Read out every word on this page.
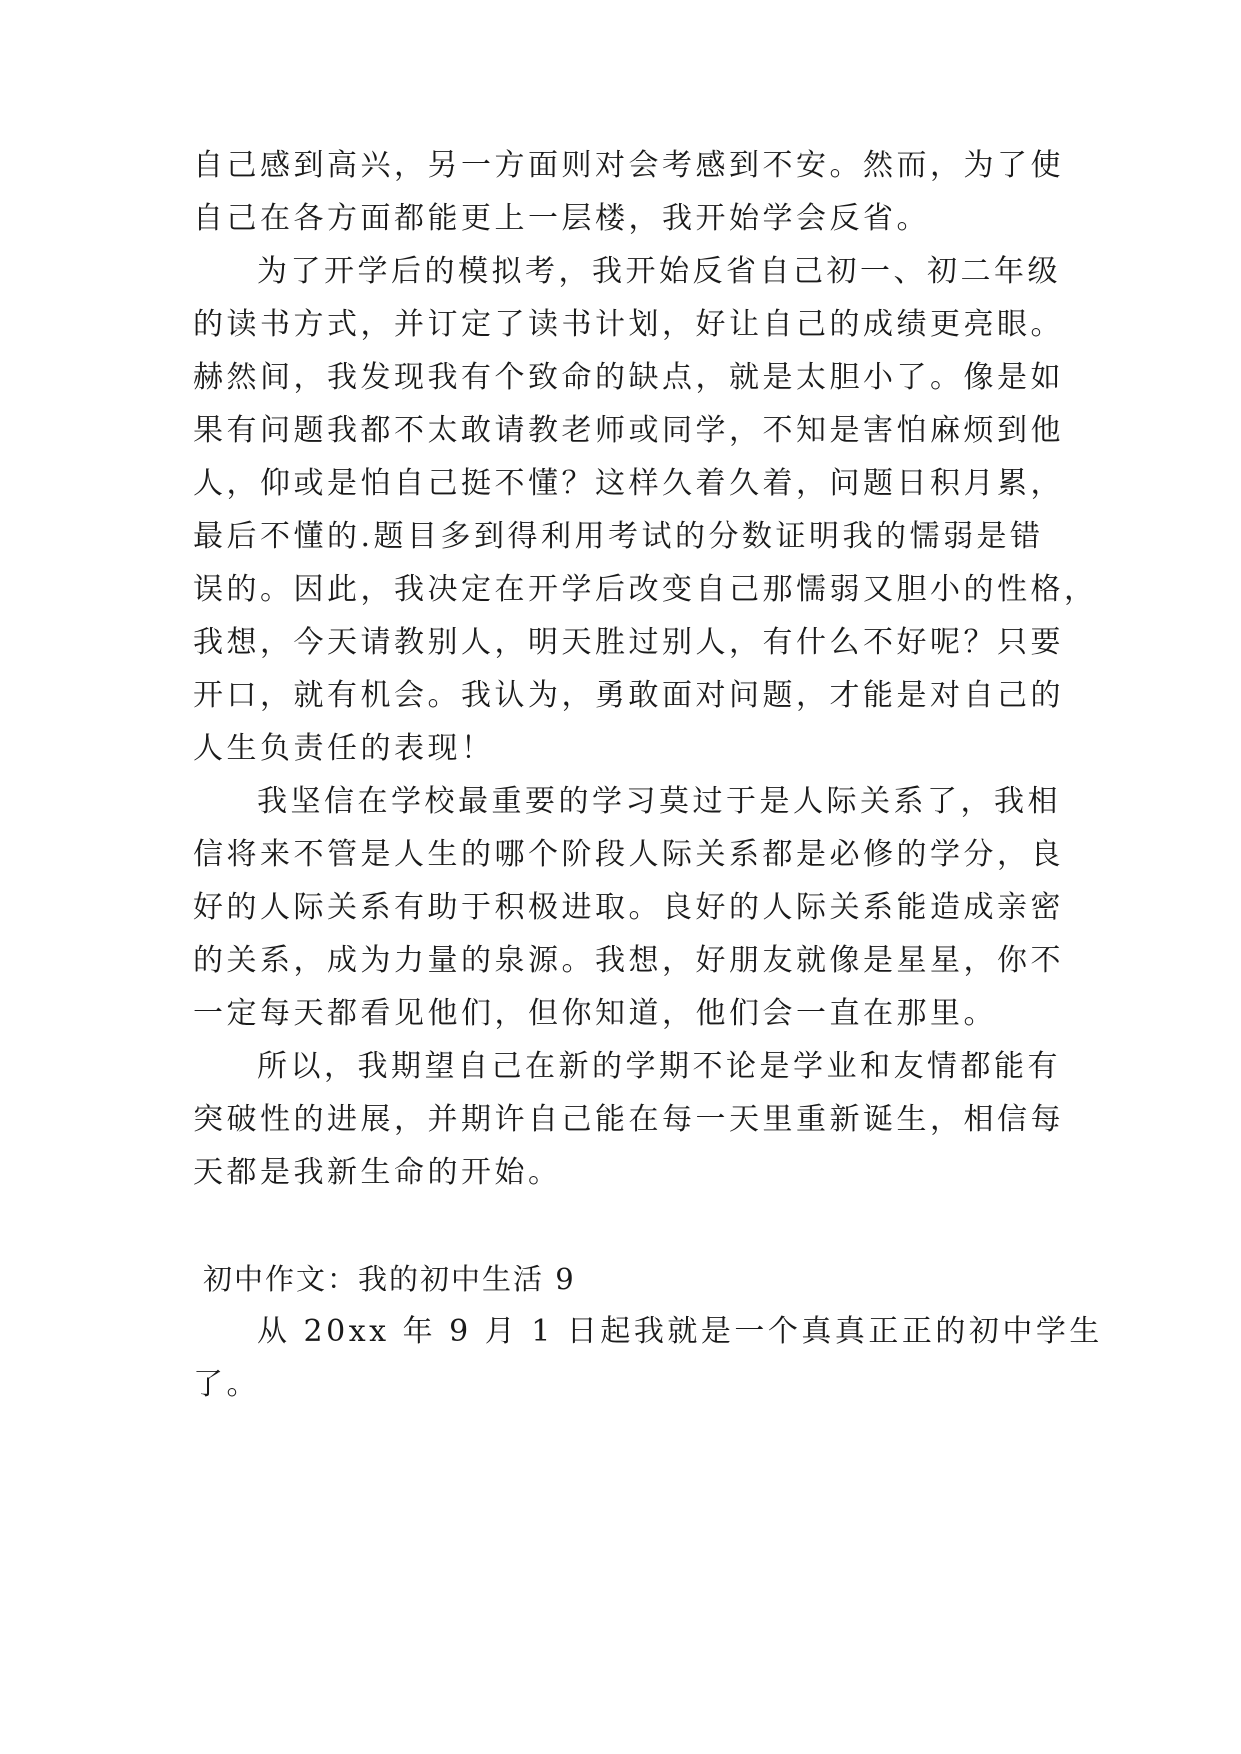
自己感到高兴，另一方面则对会考感到不安。然而，为了使
自己在各方面都能更上一层楼，我开始学会反省。
为了开学后的模拟考，我开始反省自己初一、初二年级
的读书方式，并订定了读书计划，好让自己的成绩更亮眼。
赫然间，我发现我有个致命的缺点，就是太胆小了。像是如
果有问题我都不太敢请教老师或同学，不知是害怕麻烦到他
人，仰或是怕自己挺不懂？这样久着久着，问题日积月累，
最后不懂的.题目多到得利用考试的分数证明我的懦弱是错
误的。因此，我决定在开学后改变自己那懦弱又胆小的性格，
我想，今天请教别人，明天胜过别人，有什么不好呢？只要
开口，就有机会。我认为，勇敢面对问题，才能是对自己的
人生负责任的表现！
我坚信在学校最重要的学习莫过于是人际关系了，我相
信将来不管是人生的哪个阶段人际关系都是必修的学分，良
好的人际关系有助于积极进取。良好的人际关系能造成亲密
的关系，成为力量的泉源。我想，好朋友就像是星星，你不
一定每天都看见他们，但你知道，他们会一直在那里。
所以，我期望自己在新的学期不论是学业和友情都能有
突破性的进展，并期许自己能在每一天里重新诞生，相信每
天都是我新生命的开始。
初中作文：我的初中生活 9
从 20xx 年 9 月 1 日起我就是一个真真正正的初中学生
了。
